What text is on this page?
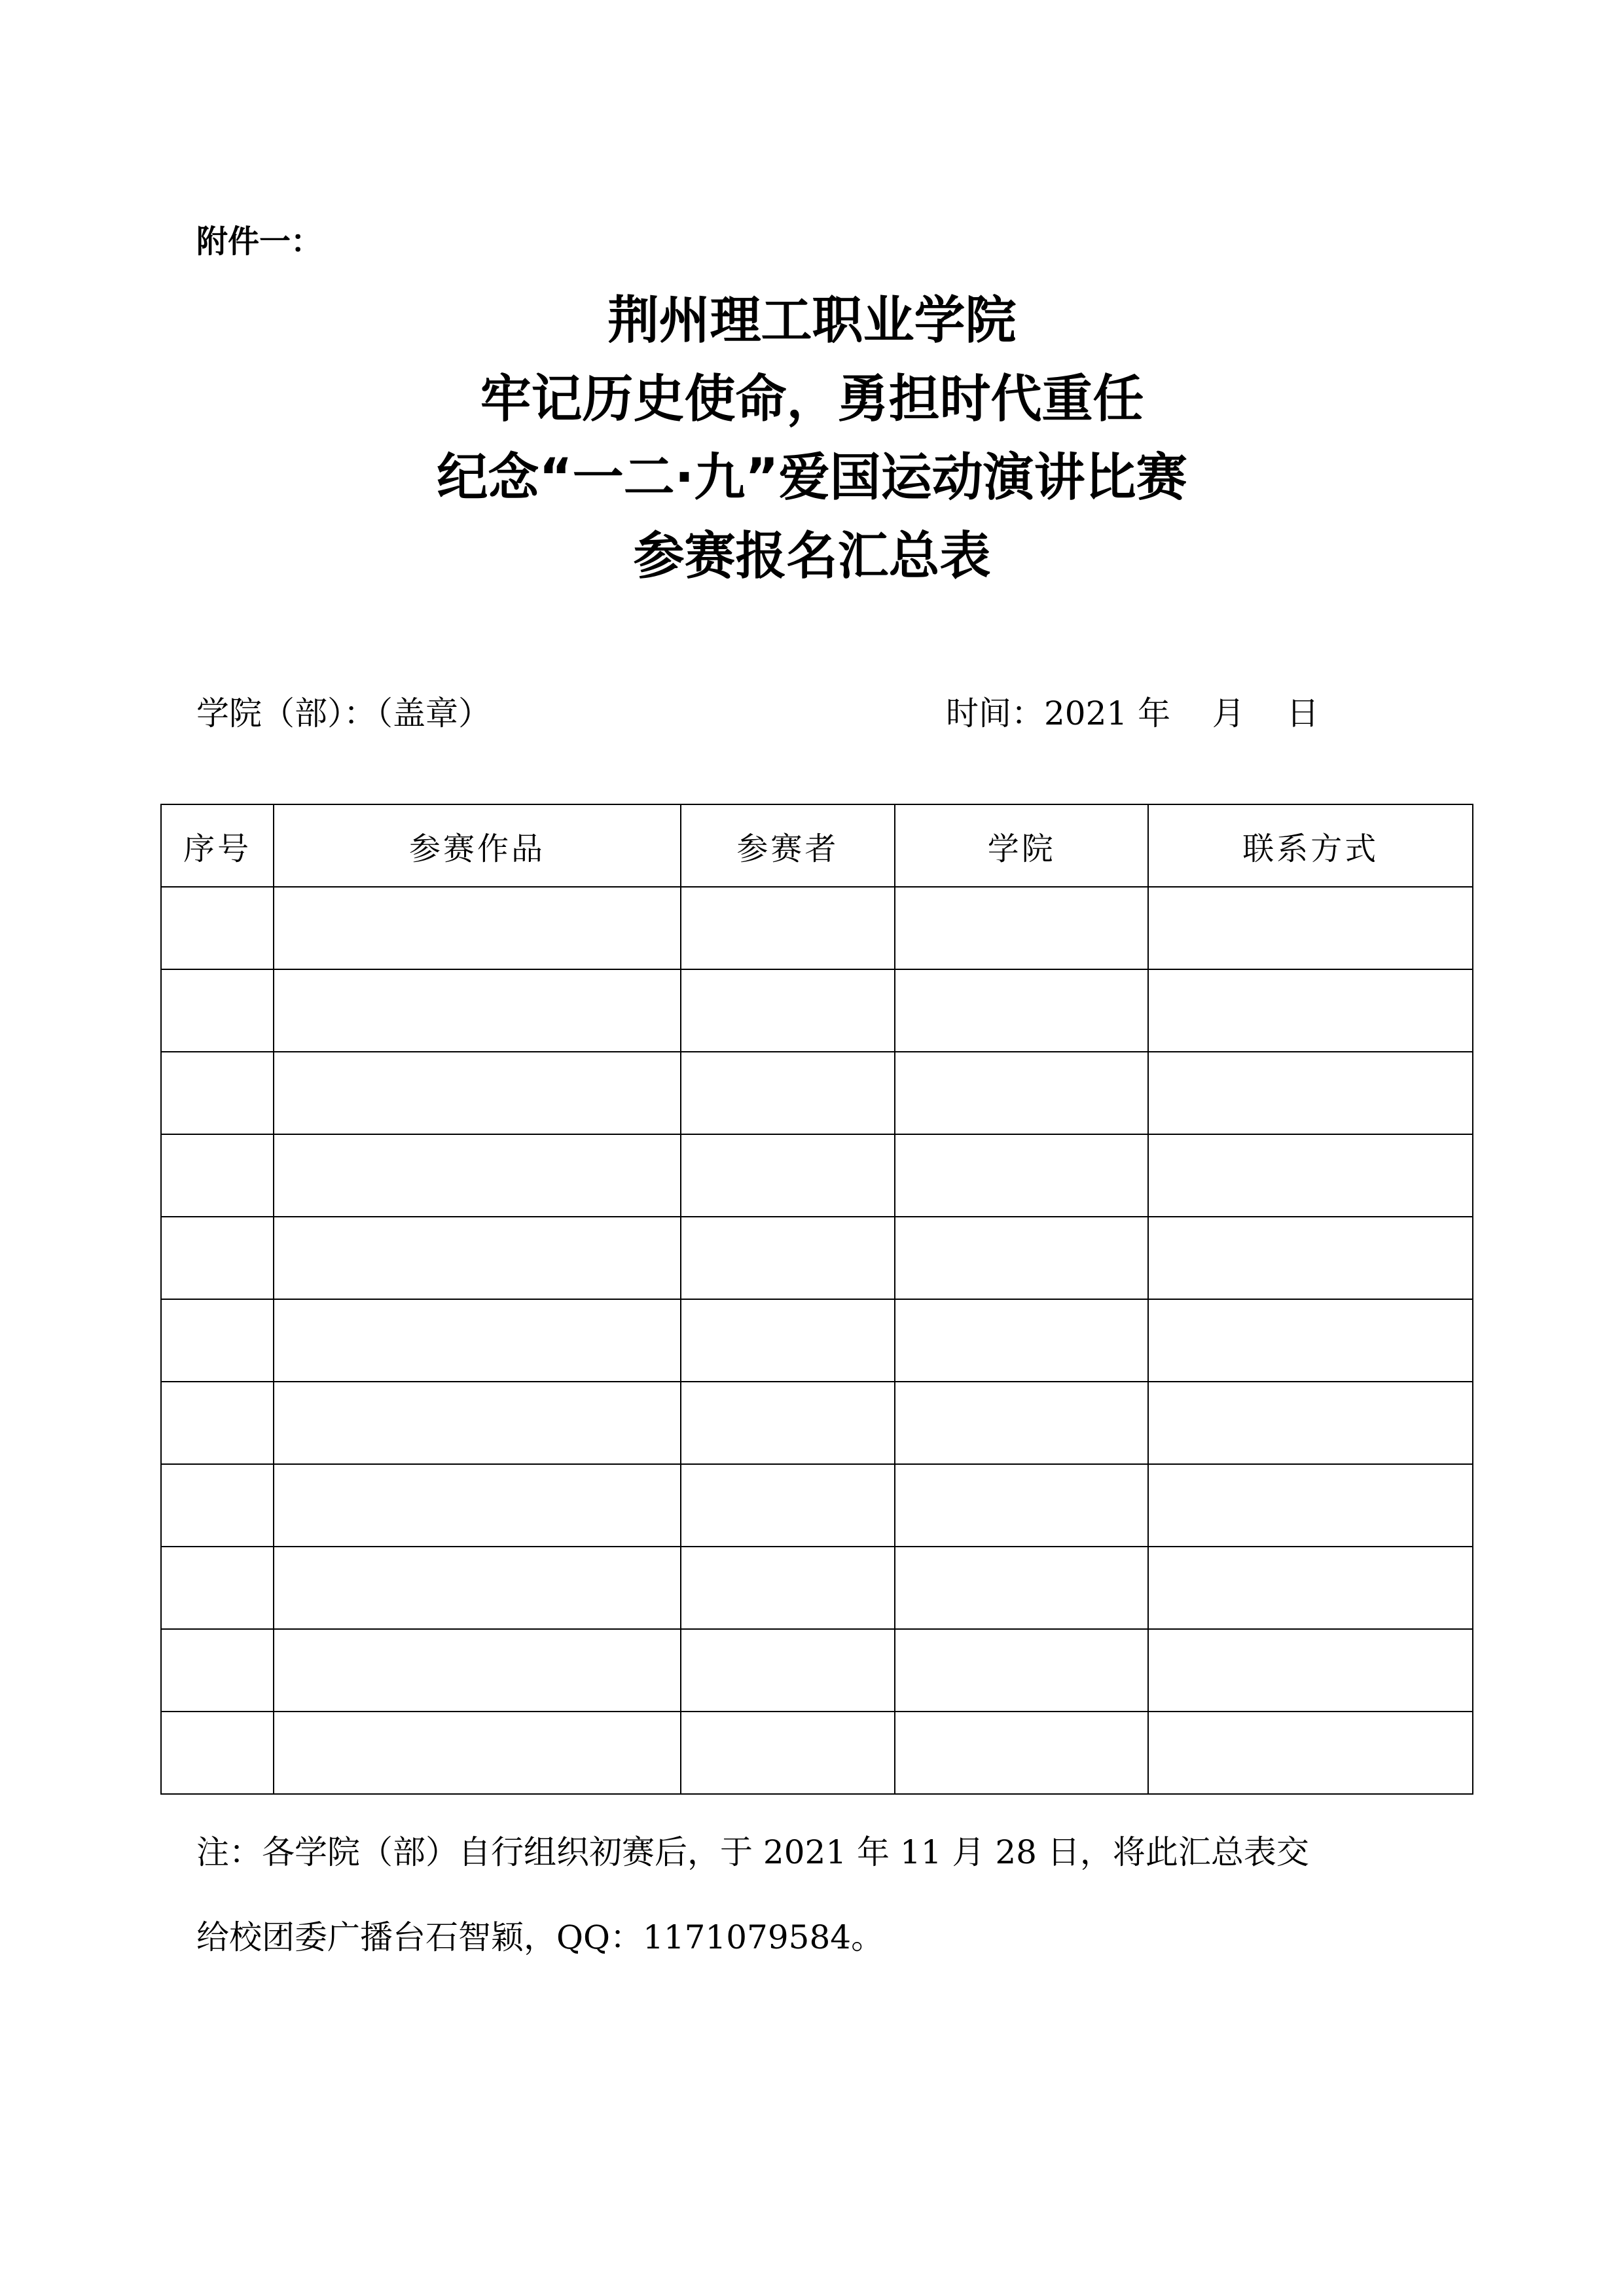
附件一：
荆州理工职业学院
牢记历史使命，勇担时代重任
纪念“一二·九”爱国运动演讲比赛
参赛报名汇总表
学院（部）：（盖章）	时间：2021 年    月    日
序号	参赛作品	参赛者	学院	联系方式

注：各学院（部）自行组织初赛后，于 2021 年 11 月 28 日，将此汇总表交
给校团委广播台石智颖，QQ：1171079584。
